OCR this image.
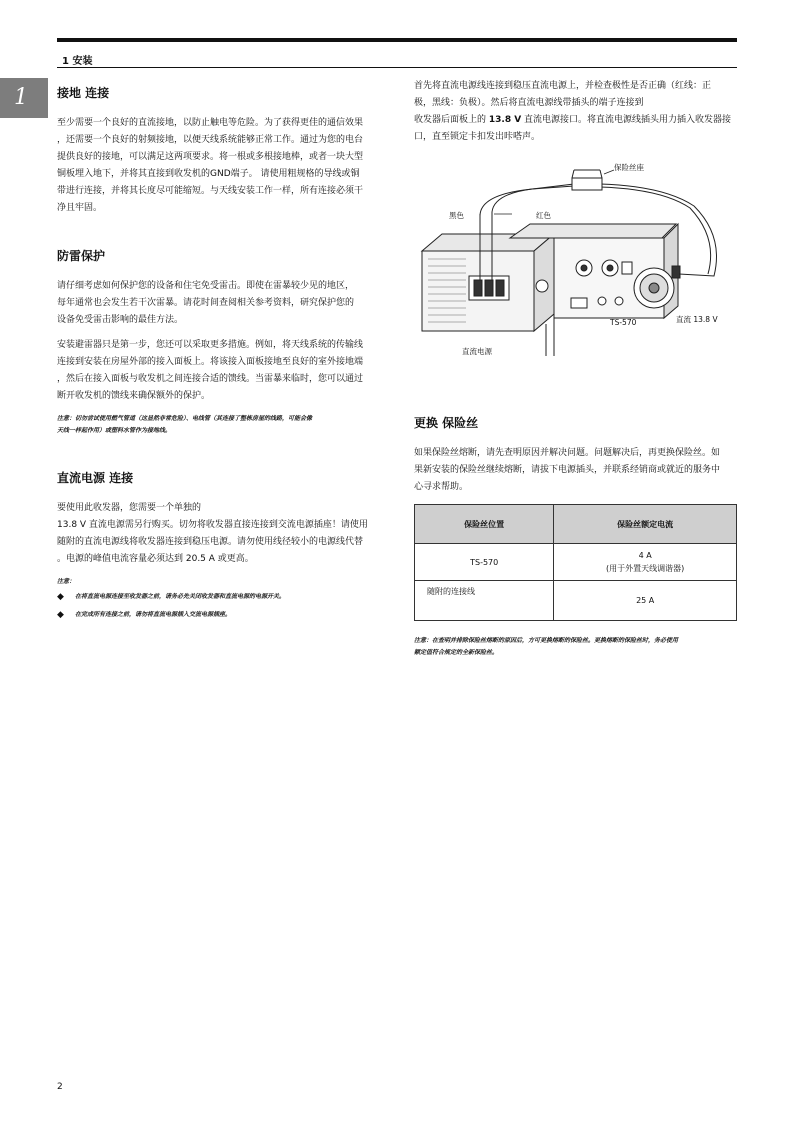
1 安装
1 接地 连接

至少需要一个良好的直流接地，以防止触电等危险。为了获得更佳的通信效果
，还需要一个良好的射频接地，以便天线系统能够正常工作。通过为您的电台
提供良好的接地，可以满足这两项要求。将一根或多根接地棒，或者一块大型
铜板埋入地下，并将其直接到收发机的GND端子。 请使用粗规格的导线或铜
带进行连接，并将其长度尽可能缩短。与天线安装工作一样，所有连接必须干
净且牢固。

防雷保护

请仔细考虑如何保护您的设备和住宅免受雷击。即使在雷暴较少见的地区，
每年通常也会发生若干次雷暴。请花时间查阅相关参考资料，研究保护您的
设备免受雷击影响的最佳方法。

安装避雷器只是第一步，您还可以采取更多措施。例如，将天线系统的传输线
连接到安装在房屋外部的接入面板上。将该接入面板接地至良好的室外接地端
，然后在接入面板与收发机之间连接合适的馈线。当雷暴来临时，您可以通过
断开收发机的馈线来确保额外的保护。

注意：切勿尝试使用燃气管道（这显然非常危险）、电线管（其连接了整栋房屋的线路，可能会像
天线一样起作用）或塑料水管作为接地线。
直流电源 连接

要使用此收发器，您需要一个单独的
13.8 V 直流电源需另行购买。切勿将收发器直接连接到交流电源插座！请使用
随附的直流电源线将收发器连接到稳压电源。请勿使用线径较小的电源线代替
。电源的峰值电流容量必须达到 20.5 A 或更高。

注意：
◆ 在将直流电源连接至收发器之前，请务必先关闭收发器和直流电源的电源开关。
◆ 在完成所有连接之前，请勿将直流电源插入交流电源插座。

首先将直流电源线连接到稳压直流电源上，并检查极性是否正确（红线：正
极，黑线：负极）。然后将直流电源线带插头的端子连接到
收发器后面板上的 13.8 V 直流电源接口。将直流电源线插头用力插入收发器接
口，直至锁定卡扣发出咔嗒声。

保险丝座
黑色	红色
TS-570	直流 13.8 V
直流电源
更换 保险丝

如果保险丝熔断，请先查明原因并解决问题。问题解决后，再更换保险丝。如
果新安装的保险丝继续熔断，请拔下电源插头，并联系经销商或就近的服务中
心寻求帮助。

保险丝位置	保险丝额定电流
TS-570	4 A
(用于外置天线调谐器)
随附的连接线	25 A
注意：在查明并排除保险丝熔断的原因后，方可更换熔断的保险丝。更换熔断的保险丝时，务必使用
额定值符合规定的全新保险丝。
2
